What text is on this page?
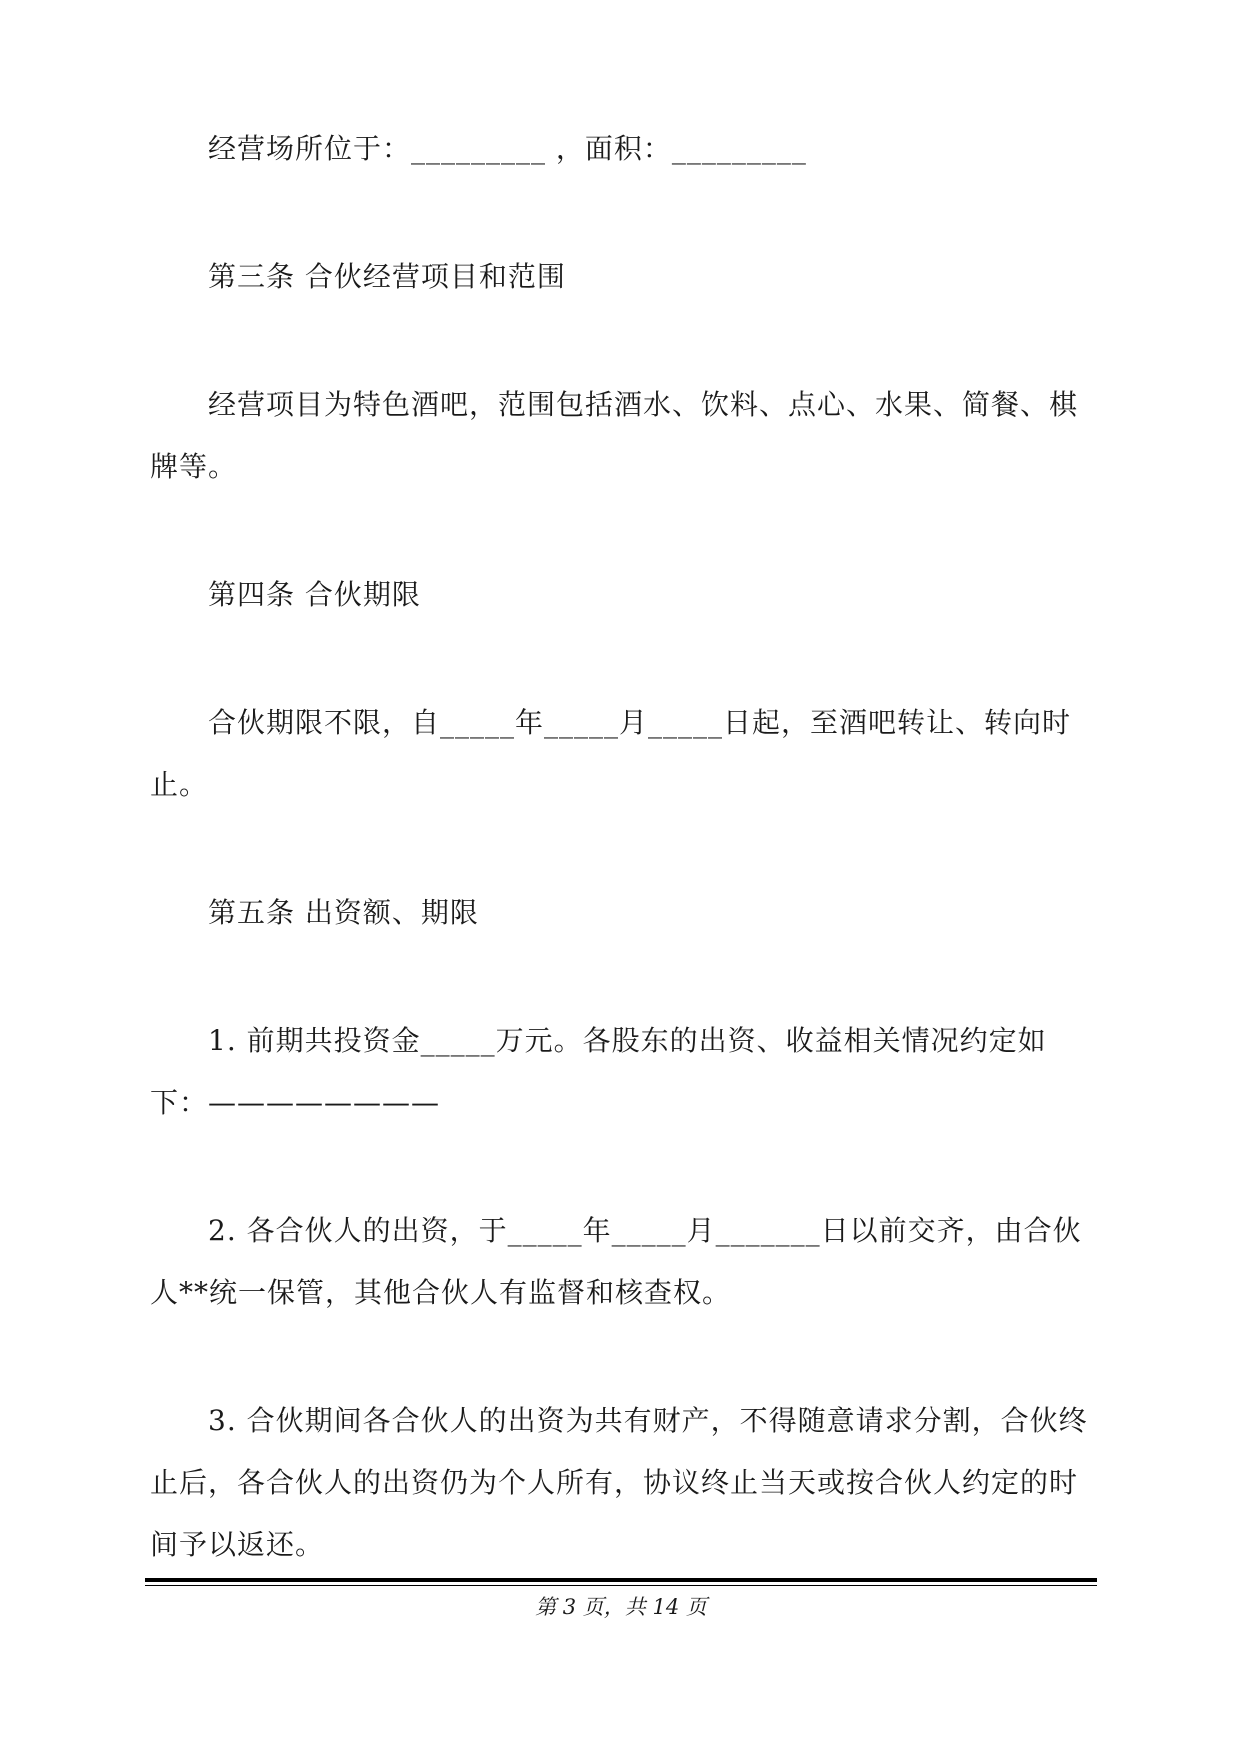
经营场所位于：_________ ，面积：_________

第三条 合伙经营项目和范围

经营项目为特色酒吧，范围包括酒水、饮料、点心、水果、简餐、棋牌等。

第四条 合伙期限

合伙期限不限，自_____年_____月_____日起，至酒吧转让、转向时止。

第五条 出资额、期限

1. 前期共投资金_____万元。各股东的出资、收益相关情况约定如下：————————

2. 各合伙人的出资，于_____年_____月_______日以前交齐，由合伙人**统一保管，其他合伙人有监督和核查权。

3. 合伙期间各合伙人的出资为共有财产，不得随意请求分割，合伙终止后，各合伙人的出资仍为个人所有，协议终止当天或按合伙人约定的时间予以返还。

第 3 页，共 14 页
